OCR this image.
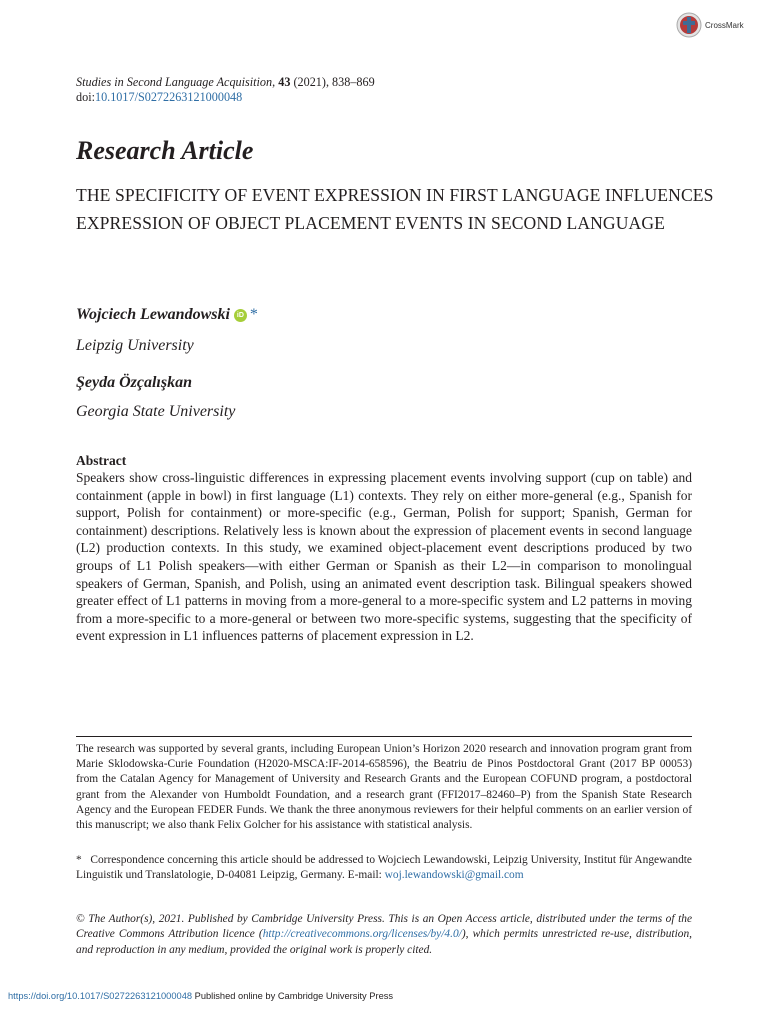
CrossMark
Studies in Second Language Acquisition, 43 (2021), 838–869
doi:10.1017/S0272263121000048
Research Article
THE SPECIFICITY OF EVENT EXPRESSION IN FIRST LANGUAGE INFLUENCES EXPRESSION OF OBJECT PLACEMENT EVENTS IN SECOND LANGUAGE
Wojciech Lewandowski iD *
Leipzig University
Şeyda Özçalışkan
Georgia State University
Abstract
Speakers show cross-linguistic differences in expressing placement events involving support (cup on table) and containment (apple in bowl) in first language (L1) contexts. They rely on either more-general (e.g., Spanish for support, Polish for containment) or more-specific (e.g., German, Polish for support; Spanish, German for containment) descriptions. Relatively less is known about the expression of placement events in second language (L2) production contexts. In this study, we examined object-placement event descriptions produced by two groups of L1 Polish speakers—with either German or Spanish as their L2—in comparison to monolingual speakers of German, Spanish, and Polish, using an animated event description task. Bilingual speakers showed greater effect of L1 patterns in moving from a more-general to a more-specific system and L2 patterns in moving from a more-specific to a more-general or between two more-specific systems, suggesting that the specificity of event expression in L1 influences patterns of placement expression in L2.
The research was supported by several grants, including European Union’s Horizon 2020 research and innovation program grant from Marie Sklodowska-Curie Foundation (H2020-MSCA:IF-2014-658596), the Beatriu de Pinos Postdoctoral Grant (2017 BP 00053) from the Catalan Agency for Management of University and Research Grants and the European COFUND program, a postdoctoral grant from the Alexander von Humboldt Foundation, and a research grant (FFI2017–82460–P) from the Spanish State Research Agency and the European FEDER Funds. We thank the three anonymous reviewers for their helpful comments on an earlier version of this manuscript; we also thank Felix Golcher for his assistance with statistical analysis.
* Correspondence concerning this article should be addressed to Wojciech Lewandowski, Leipzig University, Institut für Angewandte Linguistik und Translatologie, D-04081 Leipzig, Germany. E-mail: woj.lewandowski@gmail.com
© The Author(s), 2021. Published by Cambridge University Press. This is an Open Access article, distributed under the terms of the Creative Commons Attribution licence (http://creativecommons.org/licenses/by/4.0/), which permits unrestricted re-use, distribution, and reproduction in any medium, provided the original work is properly cited.
https://doi.org/10.1017/S0272263121000048 Published online by Cambridge University Press
